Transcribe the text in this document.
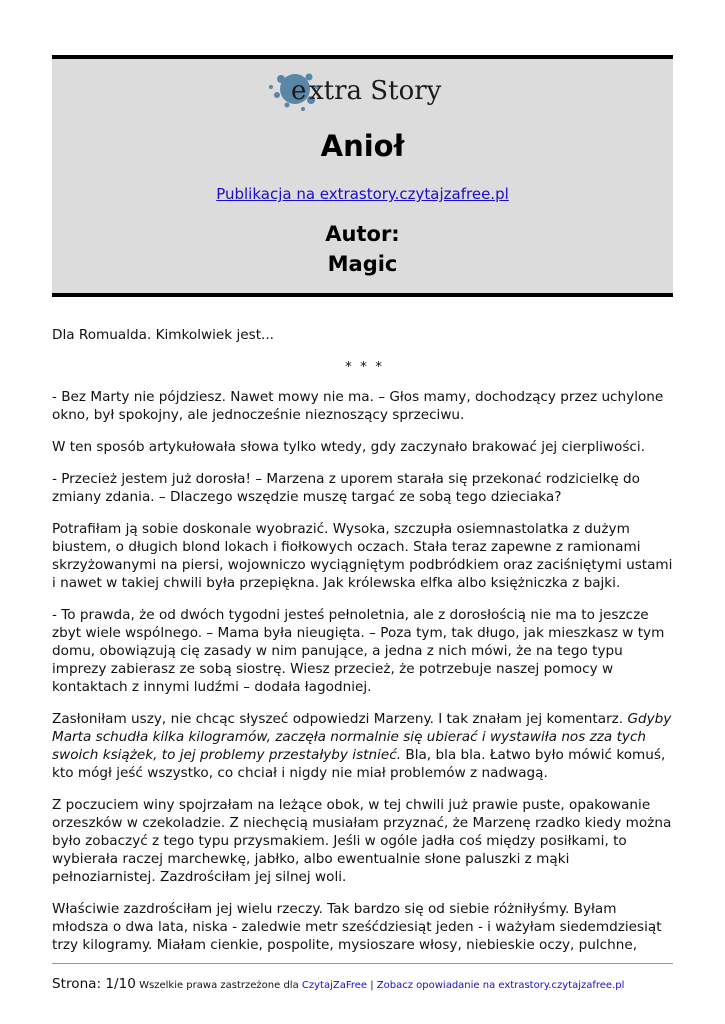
e xtra Story
Anioł
Publikacja na extrastory.czytajzafree.pl
Autor:
Magic

Dla Romualda. Kimkolwiek jest...

* * *

- Bez Marty nie pójdziesz. Nawet mowy nie ma. – Głos mamy, dochodzący przez uchylone okno, był spokojny, ale jednocześnie nieznoszący sprzeciwu.

W ten sposób artykułowała słowa tylko wtedy, gdy zaczynało brakować jej cierpliwości.

- Przecież jestem już dorosła! – Marzena z uporem starała się przekonać rodzicielkę do zmiany zdania. – Dlaczego wszędzie muszę targać ze sobą tego dzieciaka?

Potrafiłam ją sobie doskonale wyobrazić. Wysoka, szczupła osiemnastolatka z dużym biustem, o długich blond lokach i fiołkowych oczach. Stała teraz zapewne z ramionami skrzyżowanymi na piersi, wojowniczo wyciągniętym podbródkiem oraz zaciśniętymi ustami i nawet w takiej chwili była przepiękna. Jak królewska elfka albo księżniczka z bajki.

- To prawda, że od dwóch tygodni jesteś pełnoletnia, ale z dorosłością nie ma to jeszcze zbyt wiele wspólnego. – Mama była nieugięta. – Poza tym, tak długo, jak mieszkasz w tym domu, obowiązują cię zasady w nim panujące, a jedna z nich mówi, że na tego typu imprezy zabierasz ze sobą siostrę. Wiesz przecież, że potrzebuje naszej pomocy w kontaktach z innymi ludźmi – dodała łagodniej.

Zasłoniłam uszy, nie chcąc słyszeć odpowiedzi Marzeny. I tak znałam jej komentarz. Gdyby Marta schudła kilka kilogramów, zaczęła normalnie się ubierać i wystawiła nos zza tych swoich książek, to jej problemy przestałyby istnieć. Bla, bla bla. Łatwo było mówić komuś, kto mógł jeść wszystko, co chciał i nigdy nie miał problemów z nadwagą.

Z poczuciem winy spojrzałam na leżące obok, w tej chwili już prawie puste, opakowanie orzeszków w czekoladzie. Z niechęcią musiałam przyznać, że Marzenę rzadko kiedy można było zobaczyć z tego typu przysmakiem. Jeśli w ogóle jadła coś między posiłkami, to wybierała raczej marchewkę, jabłko, albo ewentualnie słone paluszki z mąki pełnoziarnistej. Zazdrościłam jej silnej woli.

Właściwie zazdrościłam jej wielu rzeczy. Tak bardzo się od siebie różniłyśmy. Byłam młodsza o dwa lata, niska - zaledwie metr sześćdziesiąt jeden - i ważyłam siedemdziesiąt trzy kilogramy. Miałam cienkie, pospolite, mysioszare włosy, niebieskie oczy, pulchne,

Strona: 1/10 Wszelkie prawa zastrzeżone dla CzytajZaFree | Zobacz opowiadanie na extrastory.czytajzafree.pl
